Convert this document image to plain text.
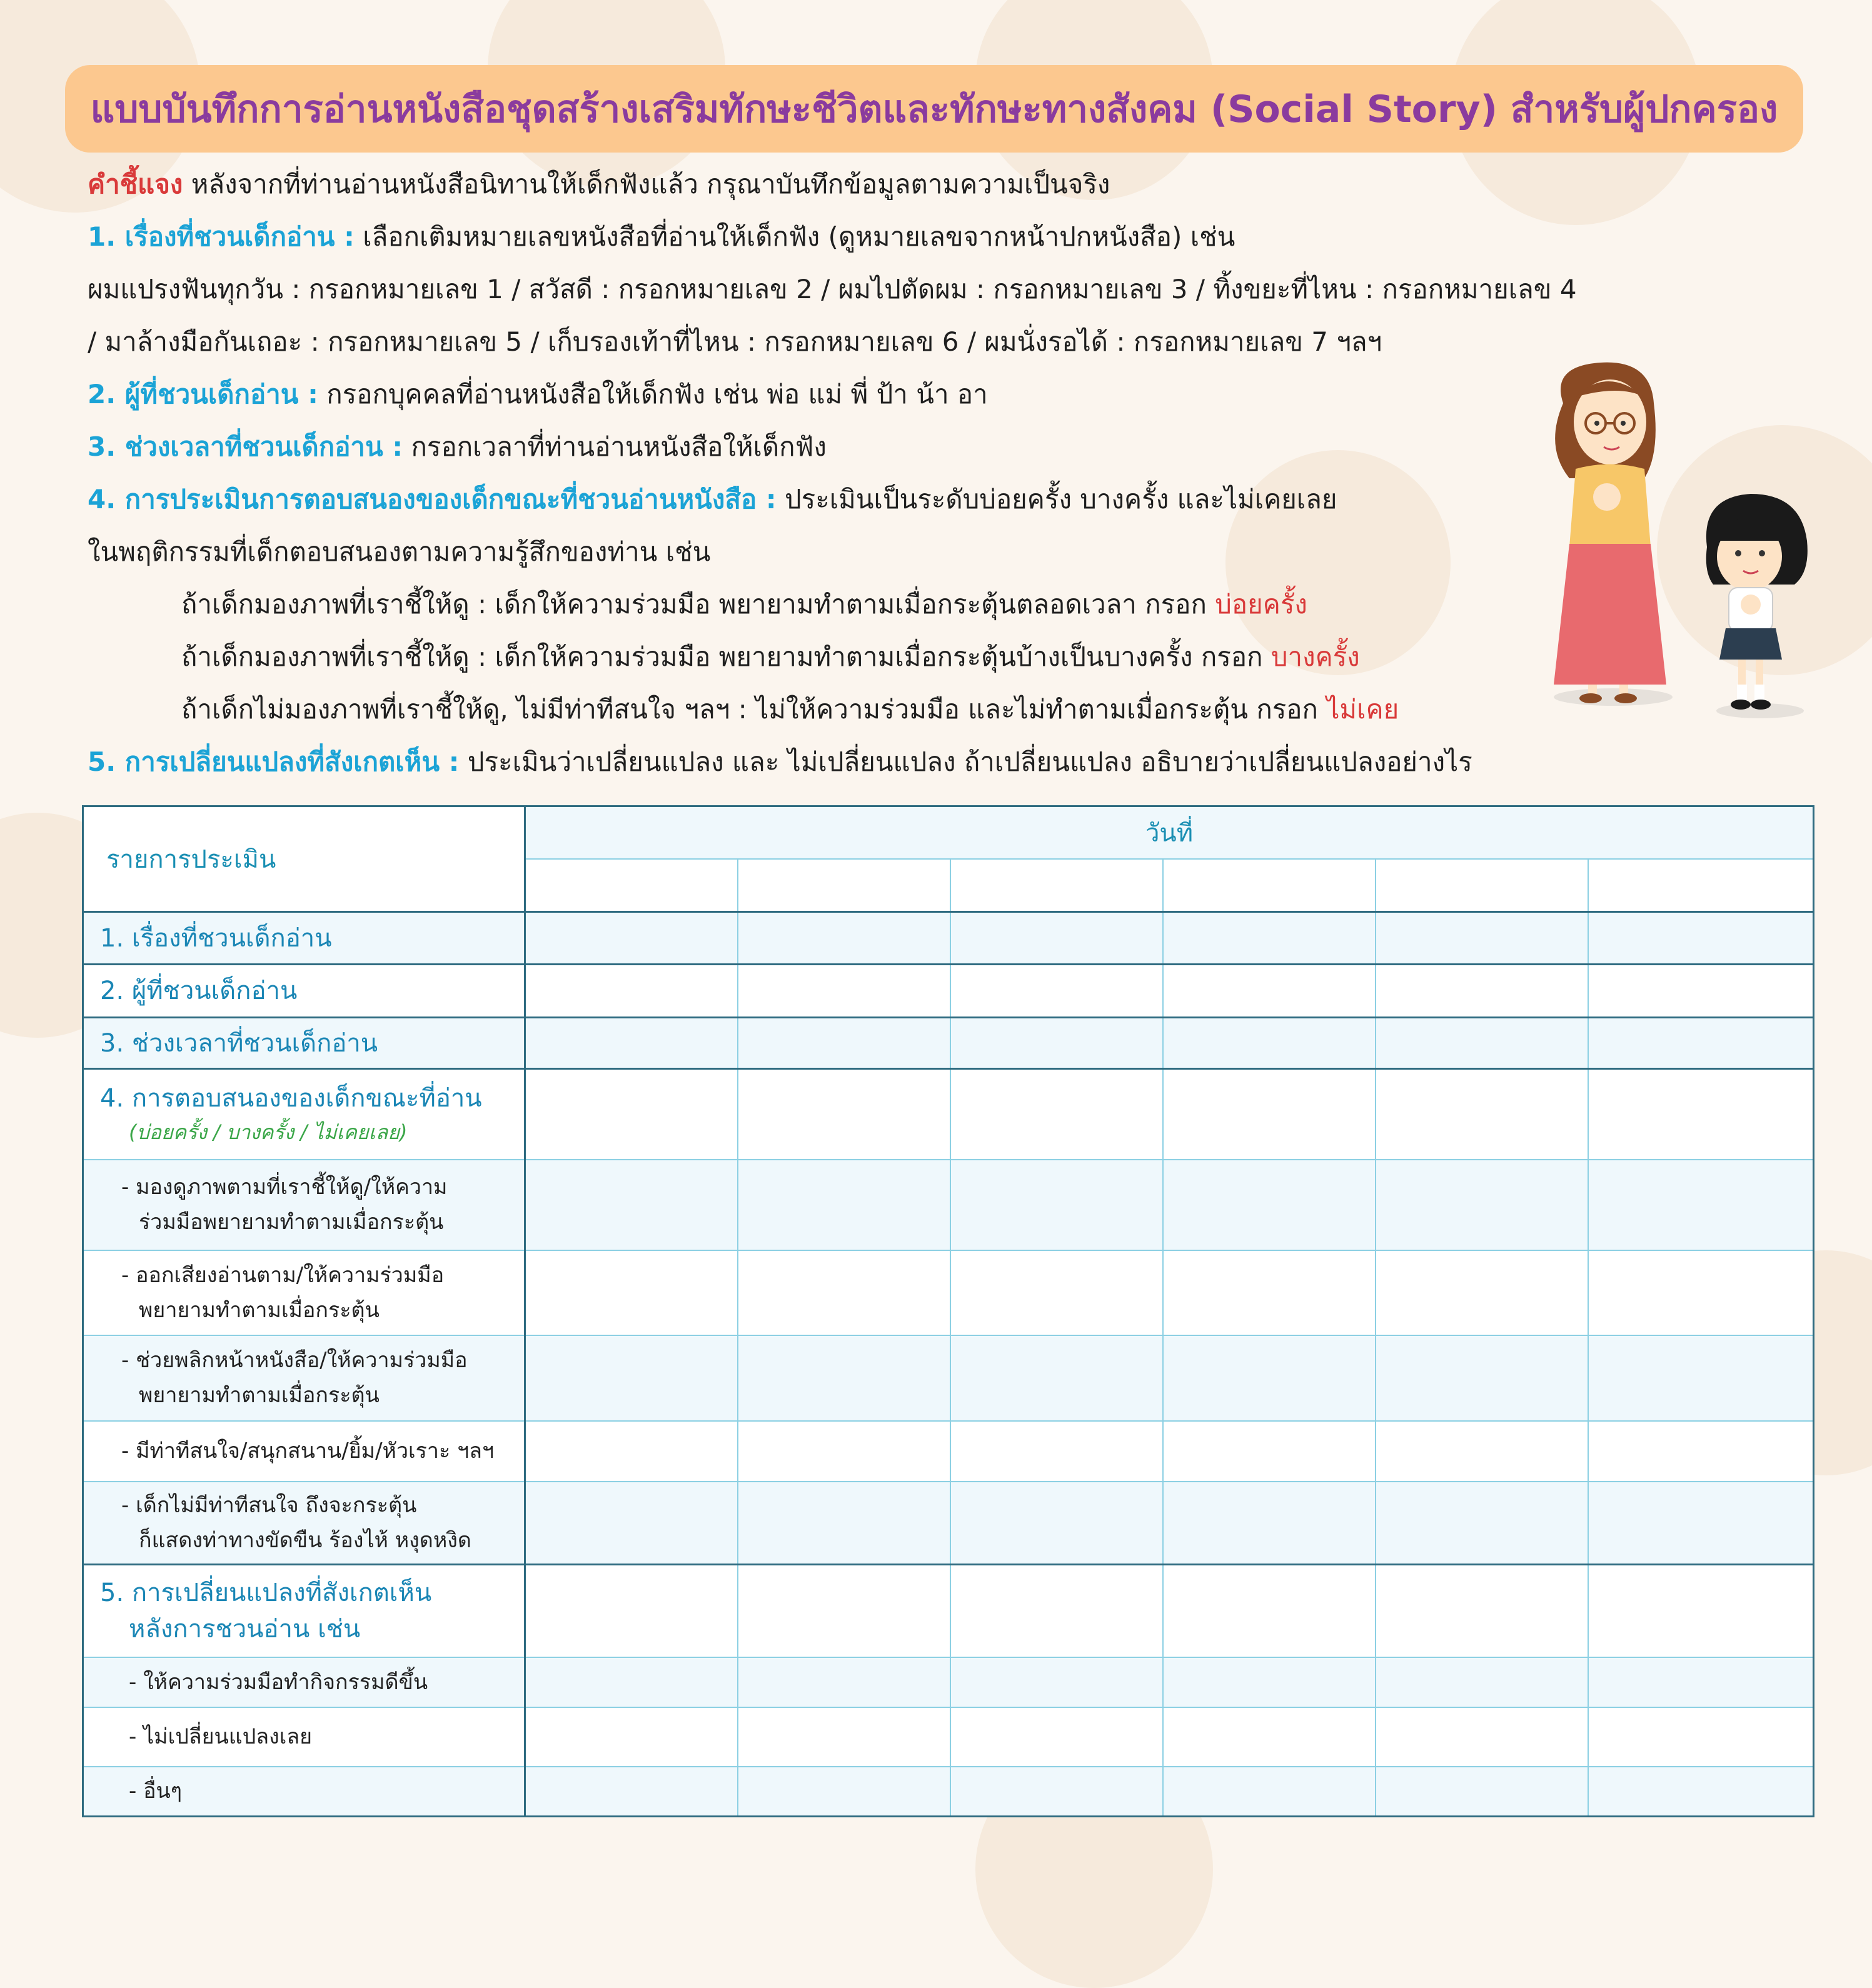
แบบบันทึกการอ่านหนังสือชุดสร้างเสริมทักษะชีวิตและทักษะทางสังคม (Social Story) สำหรับผู้ปกครอง
คำชี้แจง หลังจากที่ท่านอ่านหนังสือนิทานให้เด็กฟังแล้ว กรุณาบันทึกข้อมูลตามความเป็นจริง
1. เรื่องที่ชวนเด็กอ่าน : เลือกเติมหมายเลขหนังสือที่อ่านให้เด็กฟัง (ดูหมายเลขจากหน้าปกหนังสือ) เช่น
ผมแปรงฟันทุกวัน : กรอกหมายเลข 1 / สวัสดี : กรอกหมายเลข 2 / ผมไปตัดผม : กรอกหมายเลข 3 / ทิ้งขยะที่ไหน : กรอกหมายเลข 4
/ มาล้างมือกันเถอะ : กรอกหมายเลข 5 / เก็บรองเท้าที่ไหน : กรอกหมายเลข 6 / ผมนั่งรอได้ : กรอกหมายเลข 7 ฯลฯ
2. ผู้ที่ชวนเด็กอ่าน : กรอกบุคคลที่อ่านหนังสือให้เด็กฟัง เช่น พ่อ แม่ พี่ ป้า น้า อา
3. ช่วงเวลาที่ชวนเด็กอ่าน : กรอกเวลาที่ท่านอ่านหนังสือให้เด็กฟัง
4. การประเมินการตอบสนองของเด็กขณะที่ชวนอ่านหนังสือ : ประเมินเป็นระดับบ่อยครั้ง บางครั้ง และไม่เคยเลย
ในพฤติกรรมที่เด็กตอบสนองตามความรู้สึกของท่าน เช่น
ถ้าเด็กมองภาพที่เราชี้ให้ดู : เด็กให้ความร่วมมือ พยายามทำตามเมื่อกระตุ้นตลอดเวลา กรอก บ่อยครั้ง
ถ้าเด็กมองภาพที่เราชี้ให้ดู : เด็กให้ความร่วมมือ พยายามทำตามเมื่อกระตุ้นบ้างเป็นบางครั้ง กรอก บางครั้ง
ถ้าเด็กไม่มองภาพที่เราชี้ให้ดู, ไม่มีท่าทีสนใจ ฯลฯ : ไม่ให้ความร่วมมือ และไม่ทำตามเมื่อกระตุ้น กรอก ไม่เคย
5. การเปลี่ยนแปลงที่สังเกตเห็น : ประเมินว่าเปลี่ยนแปลง และ ไม่เปลี่ยนแปลง ถ้าเปลี่ยนแปลง อธิบายว่าเปลี่ยนแปลงอย่างไร
รายการประเมิน	วันที่					

1. เรื่องที่ชวนเด็กอ่าน						
2. ผู้ที่ชวนเด็กอ่าน						
3. ช่วงเวลาที่ชวนเด็กอ่าน						
4. การตอบสนองของเด็กขณะที่อ่าน
(บ่อยครั้ง / บางครั้ง / ไม่เคยเลย)						

- มองดูภาพตามที่เราชี้ให้ดู/ให้ความ
ร่วมมือพยายามทำตามเมื่อกระตุ้น						

- ออกเสียงอ่านตาม/ให้ความร่วมมือ
พยายามทำตามเมื่อกระตุ้น						

- ช่วยพลิกหน้าหนังสือ/ให้ความร่วมมือ
พยายามทำตามเมื่อกระตุ้น						

- มีท่าทีสนใจ/สนุกสนาน/ยิ้ม/หัวเราะ ฯลฯ						
- เด็กไม่มีท่าทีสนใจ ถึงจะกระตุ้น
ก็แสดงท่าทางขัดขืน ร้องไห้ หงุดหงิด						

5. การเปลี่ยนแปลงที่สังเกตเห็น
หลังการชวนอ่าน เช่น						

- ให้ความร่วมมือทำกิจกรรมดีขึ้น						
- ไม่เปลี่ยนแปลงเลย						
- อื่นๆ						
